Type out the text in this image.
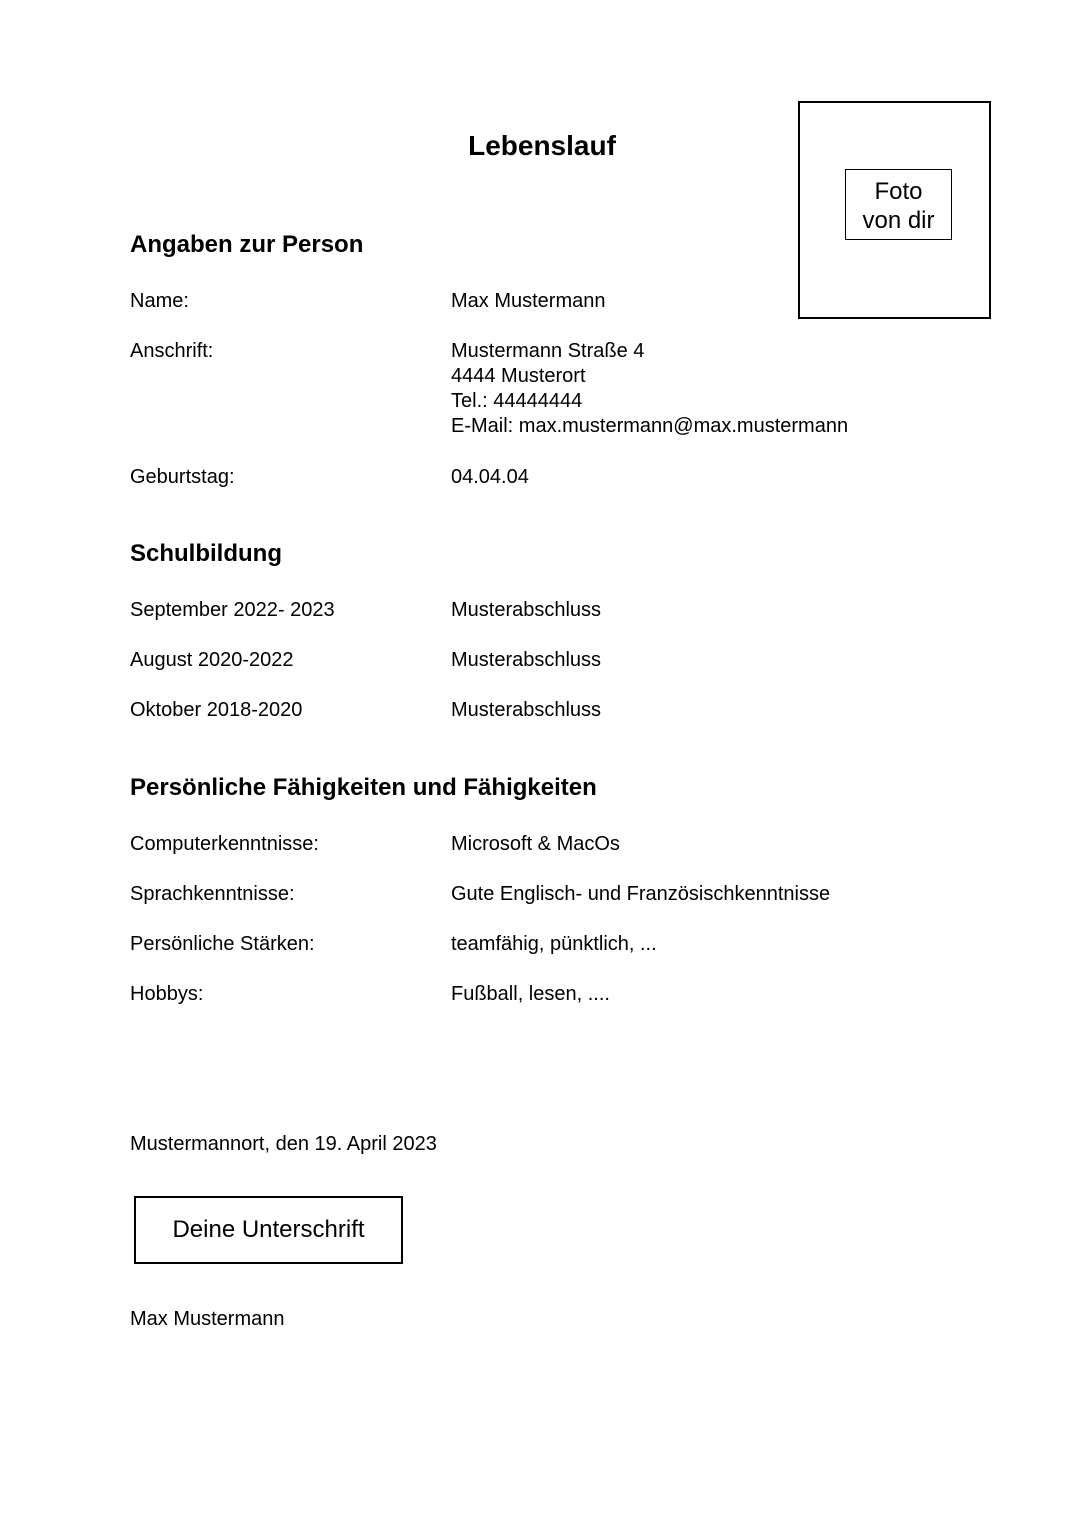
Lebenslauf
Foto
von dir
Angaben zur Person
Name:	Max Mustermann
Anschrift:	Mustermann Straße 4
4444 Musterort
Tel.: 44444444
E-Mail: max.mustermann@max.mustermann
Geburtstag:	04.04.04
Schulbildung
September 2022- 2023	Musterabschluss
August 2020-2022	Musterabschluss
Oktober 2018-2020	Musterabschluss
Persönliche Fähigkeiten und Fähigkeiten
Computerkenntnisse:	Microsoft & MacOs
Sprachkenntnisse:	Gute Englisch- und Französischkenntnisse
Persönliche Stärken:	teamfähig, pünktlich, ...
Hobbys:	Fußball, lesen, ....
Mustermannort, den 19. April 2023
Deine Unterschrift
Max Mustermann
